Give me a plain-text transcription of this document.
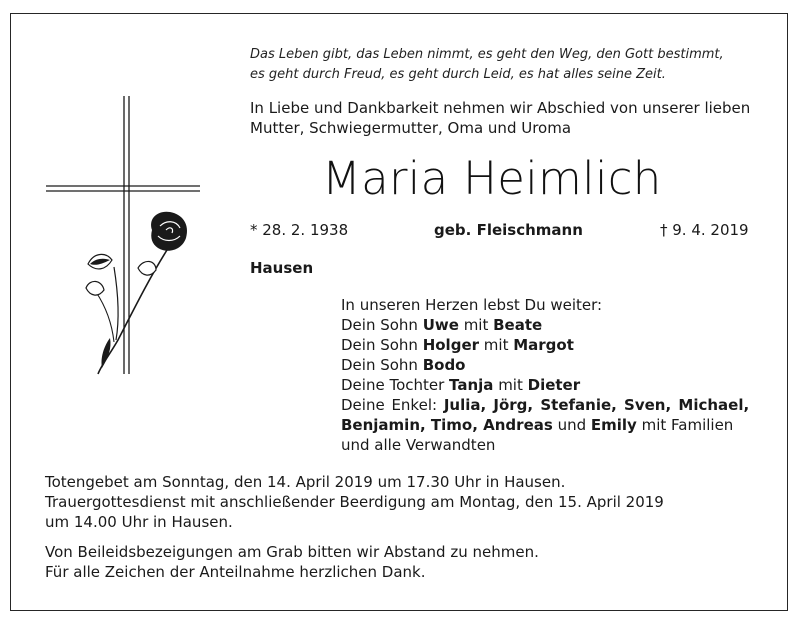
Das Leben gibt, das Leben nimmt, es geht den Weg, den Gott bestimmt,
es geht durch Freud, es geht durch Leid, es hat alles seine Zeit.
In Liebe und Dankbarkeit nehmen wir Abschied von unserer lieben
Mutter, Schwiegermutter, Oma und Uroma
Maria Heimlich
* 28. 2. 1938	geb. Fleischmann	† 9. 4. 2019
Hausen
In unseren Herzen lebst Du weiter:
Dein Sohn Uwe mit Beate
Dein Sohn Holger mit Margot
Dein Sohn Bodo
Deine Tochter Tanja mit Dieter
Deine Enkel: Julia, Jörg, Stefanie, Sven, Michael,
Benjamin, Timo, Andreas und Emily mit Familien
und alle Verwandten
Totengebet am Sonntag, den 14. April 2019 um 17.30 Uhr in Hausen.
Trauergottesdienst mit anschließender Beerdigung am Montag, den 15. April 2019
um 14.00 Uhr in Hausen.
Von Beileidsbezeigungen am Grab bitten wir Abstand zu nehmen.
Für alle Zeichen der Anteilnahme herzlichen Dank.
